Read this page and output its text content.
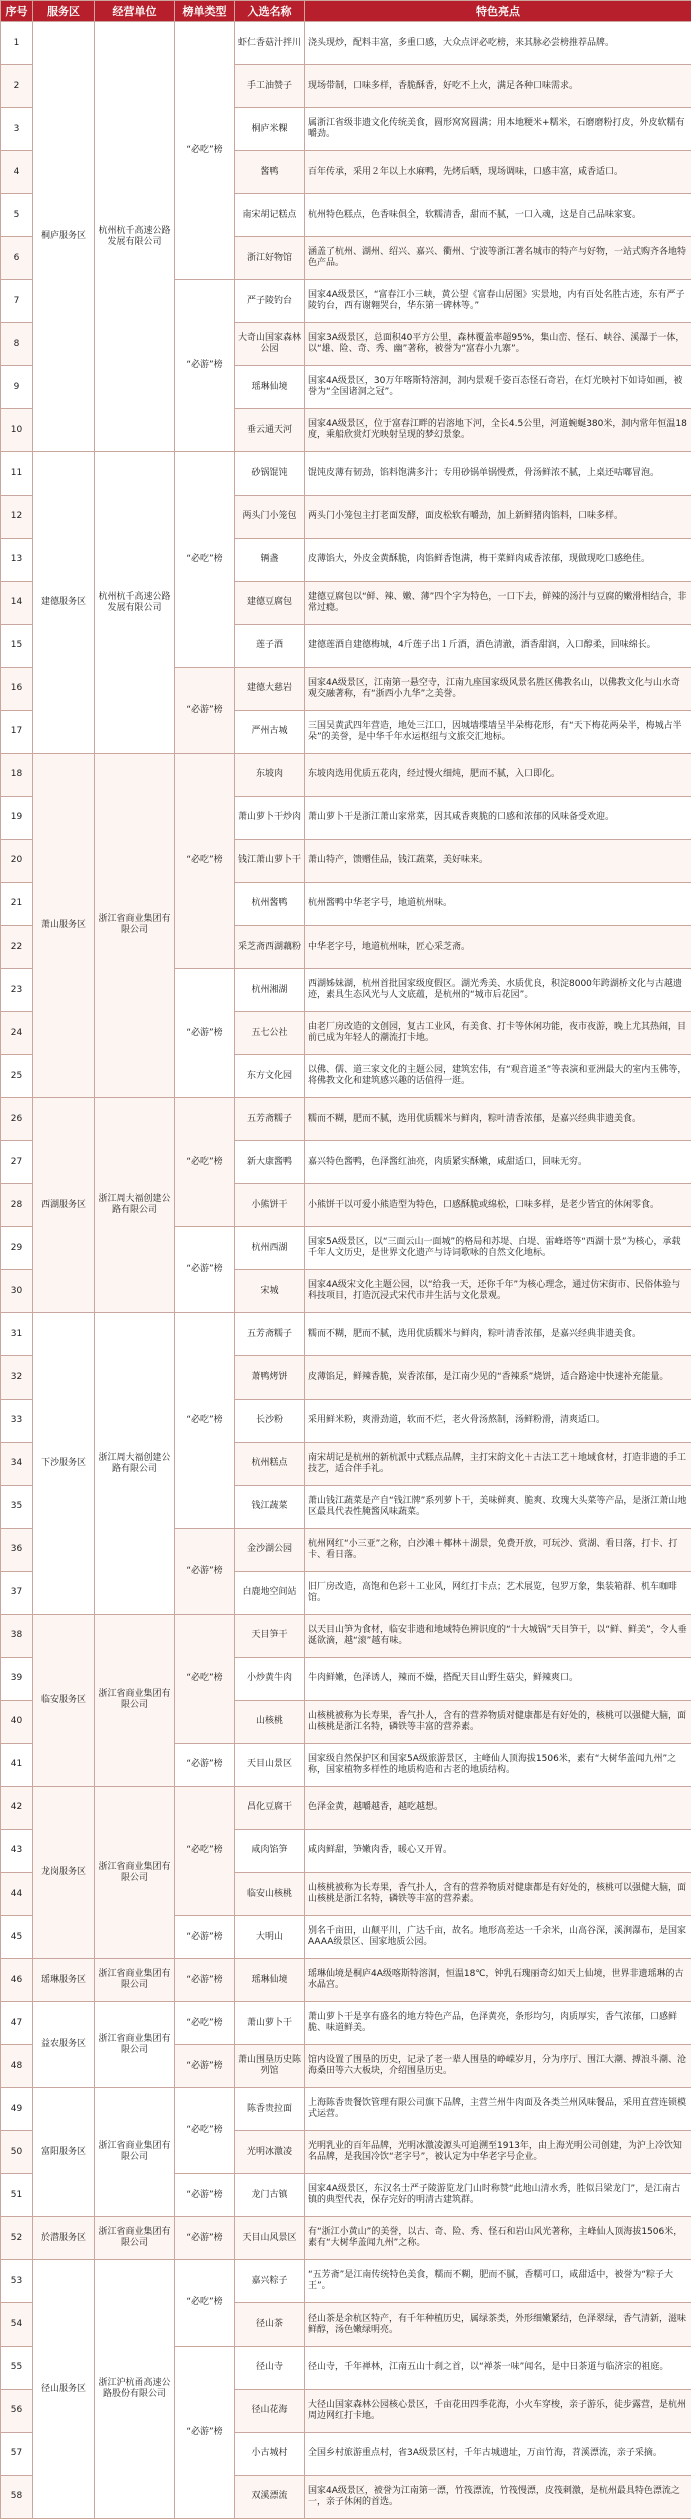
序号	服务区	经营单位	榜单类型	入选名称	特色亮点
1	桐庐服务区	杭州杭千高速公路发展有限公司	“必吃”榜	虾仁香菇汁拌川	浇头现炒，配料丰富，多重口感，大众点评必吃榜，来其脉必尝榜推荐品牌。
2				手工油赞子	现场带制，口味多样，香脆酥香，好吃不上火，满足各种口味需求。
3				桐庐米粿	属浙江省级非遗文化传统美食，圆形窝窝圆满；用本地粳米+糯米，石磨磨粉打皮，外皮软糯有嚼劲。
4				酱鸭	百年传承，采用２年以上水麻鸭，先烤后晒，现场调味，口感丰富，咸香适口。
5				南宋胡记糕点	杭州特色糕点，色香味俱全，软糯清香，甜而不腻，一口入魂，这是自己品味家宴。
6				浙江好物馆	涵盖了杭州、湖州、绍兴、嘉兴、衢州、宁波等浙江著名城市的特产与好物，一站式购齐各地特色产品。
7			“必游”榜	严子陵钓台	国家4A级景区，“富春江小三峡，黄公望《富春山居图》实景地，内有百处名胜古迹，东有严子陵钓台，西有谢翱哭台，华东第一碑林等。”
8				大奇山国家森林公园	国家3A级景区，总面积40平方公里，森林覆盖率超95%，集山峦、怪石、峡谷、溪瀑于一体，以“雄、险、奇、秀、幽”著称，被誉为“富春小九寨”。
9				瑶琳仙境	国家4A级景区，30万年喀斯特溶洞，洞内景观千姿百态怪石奇岩，在灯光映衬下如诗如画，被誉为“全国诸洞之冠”。
10				垂云通天河	国家4A级景区，位于富春江畔的岩溶地下河，全长4.5公里，河道蜿蜒380米，洞内常年恒温18度，乘船欣赏灯光映射呈现的梦幻景象。
11	建德服务区	杭州杭千高速公路发展有限公司	“必吃”榜	砂锅馄饨	馄饨皮薄有韧劲，馅料饱满多汁；专用砂锅单锅慢煮，骨汤鲜浓不腻，上桌还咕嘟冒泡。
12				两头门小笼包	两头门小笼包主打老面发酵，面皮松软有嚼劲，加上新鲜猪肉馅料，口味多样。
13				辆盏	皮薄馅大，外皮金黄酥脆，肉馅鲜香饱满，梅干菜鲜肉咸香浓郁，现做现吃口感绝佳。
14				建德豆腐包	建德豆腐包以“鲜、辣、嫩、薄”四个字为特色，一口下去，鲜辣的汤汁与豆腐的嫩滑相结合，非常过瘾。
15				莲子酒	建德莲酒自建德梅城，4斤莲子出１斤酒，酒色清澈，酒香甜润，入口醇柔，回味绵长。
16			“必游”榜	建德大慈岩	国家4A级景区，江南第一悬空寺，江南九座国家级风景名胜区佛教名山，以佛教文化与山水奇观交融著称，有“浙西小九华”之美誉。
17				严州古城	三国吴黄武四年营造，地处三江口，因城墙堞墙呈半朵梅花形，有“天下梅花两朵半，梅城占半朵”的美誉，是中华千年水运枢纽与文旅交汇地标。
18	萧山服务区	浙江省商业集团有限公司	“必吃”榜	东坡肉	东坡肉选用优质五花肉，经过慢火细炖，肥而不腻，入口即化。
19				萧山萝卜干炒肉	萧山萝卜干是浙江萧山家常菜，因其咸香爽脆的口感和浓郁的风味备受欢迎。
20				钱江萧山萝卜干	萧山特产，馈赠佳品，钱江蔬菜，美好味来。
21				杭州酱鸭	杭州酱鸭中华老字号，地道杭州味。
22				采芝斋西湖藕粉	中华老字号，地道杭州味，匠心采芝斋。
23			“必游”榜	杭州湘湖	西湖姊妹湖，杭州首批国家级度假区。湖光秀美、水质优良，积淀8000年跨湖桥文化与古越遗迹，素具生态风光与人文底蕴，是杭州的“城市后花园”。
24				五七公社	由老厂房改造的文创园，复古工业风，有美食、打卡等休闲功能，夜市夜游，晚上尤其热闹，目前已成为年轻人的潮流打卡地。
25				东方文化园	以佛、儒、道三家文化的主题公园，建筑宏伟，有“观音道圣”等表演和亚洲最大的室内玉佛等，将佛教文化和建筑感兴趣的话值得一逛。
26	西湖服务区	浙江周大福创建公路有限公司	“必吃”榜	五芳斋糯子	糯而不糊，肥而不腻，选用优质糯米与鲜肉，粽叶清香浓郁，是嘉兴经典非遗美食。
27				新大康酱鸭	嘉兴特色酱鸭，色泽酱红油亮，肉质紧实酥嫩，咸甜适口，回味无穷。
28				小熊饼干	小熊饼干以可爱小熊造型为特色，口感酥脆或绵松，口味多样，是老少皆宜的休闲零食。
29			“必游”榜	杭州西湖	国家5A级景区，以“三面云山一面城”的格局和苏堤、白堤、雷峰塔等“西湖十景”为核心，承载千年人文历史，是世界文化遗产与诗词歌咏的自然文化地标。
30				宋城	国家4A级宋文化主题公园，以“给我一天，还你千年”为核心理念，通过仿宋街市、民俗体验与科技项目，打造沉浸式宋代市井生活与文化景观。
31	下沙服务区	浙江周大福创建公路有限公司	“必吃”榜	五芳斋糯子	糯而不糊，肥而不腻，选用优质糯米与鲜肉，粽叶清香浓郁，是嘉兴经典非遗美食。
32				萧鸭烤饼	皮薄馅足，鲜辣香脆，炭香浓郁，是江南少见的“香辣系”烧饼，适合路途中快速补充能量。
33				长沙粉	采用鲜米粉，爽滑劲道，软而不烂，老火骨汤熬制，汤鲜粉滑，清爽适口。
34				杭州糕点	南宋胡记是杭州的新杭派中式糕点品牌，主打宋韵文化＋古法工艺＋地域食材，打造非遗的手工技艺，适合伴手礼。
35				钱江蔬菜	萧山钱江蔬菜是产自“钱江牌”系列萝卜干，美味鲜爽、脆爽、玫瑰大头菜等产品，是浙江萧山地区最具代表性腌酱风味蔬菜。
36			“必游”榜	金沙湖公园	杭州网红“小三亚”之称，白沙滩＋椰林＋湖景，免费开放，可玩沙、赏湖、看日落，打卡、打卡、看日落。
37				白鹿地空间站	旧厂房改造，高饱和色彩＋工业风，网红打卡点；艺术展览，包罗万象，集装箱群、机车咖啡馆。
38	临安服务区	浙江省商业集团有限公司	“必吃”榜	天目笋干	以天目山笋为食材，临安非遗和地域特色辨识度的“十大城锅”天目笋干，以“鲜、鲜美”，令人垂涎欲滴，越“滚”越有味。
39				小炒黄牛肉	牛肉鲜嫩，色泽诱人，辣而不燥，搭配天目山野生菇尖，鲜辣爽口。
40				山核桃	山核桃被称为长寿果，香气扑人，含有的营养物质对健康都是有好处的，核桃可以强健大脑，面山核桃是浙江名特，磷铁等丰富的营养素。
41			“必游”榜	天目山景区	国家级自然保护区和国家5A级旅游景区，主峰仙人顶海拔1506米，素有“大树华盖闻九州”之称，国家植物多样性的地质构造和古老的地质结构。
42	龙岗服务区	浙江省商业集团有限公司	“必吃”榜	昌化豆腐干	色泽金黄，越嚼越香，越吃越想。
43				咸肉馅笋	咸肉鲜甜，笋嫩肉香，暖心又开胃。
44				临安山核桃	山核桃被称为长寿果，香气扑人，含有的营养物质对健康都是有好处的，核桃可以强健大脑，面山核桃是浙江名特，磷铁等丰富的营养素。
45			“必游”榜	大明山	别名千亩田，山颠平川，广达千亩，故名。地形高差达一千余米，山高谷深，溪涧瀑布，是国家AAAA级景区、国家地质公园。
46	瑶琳服务区	浙江省商业集团有限公司	“必游”榜	瑶琳仙境	瑶琳仙境是桐庐4A级喀斯特溶洞，恒温18℃，钟乳石瑰丽奇幻如天上仙境，世界非遗瑶琳的古水晶宫。
47	益农服务区	浙江省商业集团有限公司	“必吃”榜	萧山萝卜干	萧山萝卜干是享有盛名的地方特色产品，色泽黄亮，条形均匀，肉质厚实，香气浓郁，口感鲜脆、味道鲜美。
48			“必游”榜	萧山围垦历史陈列馆	馆内设置了围垦的历史，记录了老一辈人围垦的峥嵘岁月，分为序厅、围江大潮、搏浪斗潮、沧海桑田等六大板块，介绍围垦历史。
49	富阳服务区	浙江省商业集团有限公司	“必吃”榜	陈香贵拉面	上海陈香贵餐饮管理有限公司旗下品牌，主营兰州牛肉面及各类兰州风味餐品，采用直营连锁模式运营。
50				光明冰激凌	光明乳业的百年品牌，光明冰激凌源头可追溯至1913年，由上海光明公司创建，为沪上冷饮知名品牌，是我国冷饮“老字号”，被认定为中华老字号企业。
51			“必游”榜	龙门古镇	国家4A级景区，东汉名士严子陵游览龙门山时称赞“此地山清水秀，胜似吕梁龙门”，是江南古镇的典型代表，保存完好的明清古建筑群。
52	於潜服务区	浙江省商业集团有限公司	“必游”榜	天目山风景区	有“浙江小黄山”的美誉，以古、奇、险、秀、怪石和岩山风光著称，主峰仙人顶海拔1506米，素有“大树华盖闻九州”之称。
53	径山服务区	浙江沪杭甬高速公路股份有限公司	“必吃”榜	嘉兴粽子	“五芳斋”是江南传统特色美食，糯而不糊，肥而不腻，香糯可口，咸甜适中，被誉为“粽子大王”。
54				径山茶	径山茶是余杭区特产，有千年种植历史，属绿茶类，外形细嫩紧结，色泽翠绿，香气清新，滋味鲜醇，汤色嫩绿明亮。
55			“必游”榜	径山寺	径山寺，千年禅林，江南五山十刹之首，以“禅茶一味”闻名，是中日茶道与临济宗的祖庭。
56				径山花海	大径山国家森林公园核心景区，千亩花田四季花海，小火车穿梭，亲子游乐，徒步露营，是杭州周边网红打卡地。
57				小古城村	全国乡村旅游重点村，省3A级景区村，千年古城遗址，万亩竹海，苕溪漂流，亲子采摘。
58				双溪漂流	国家4A级景区，被誉为江南第一漂，竹筏漂流，竹筏慢漂，皮筏刺激，是杭州最具特色漂流之一，亲子休闲的首选。
